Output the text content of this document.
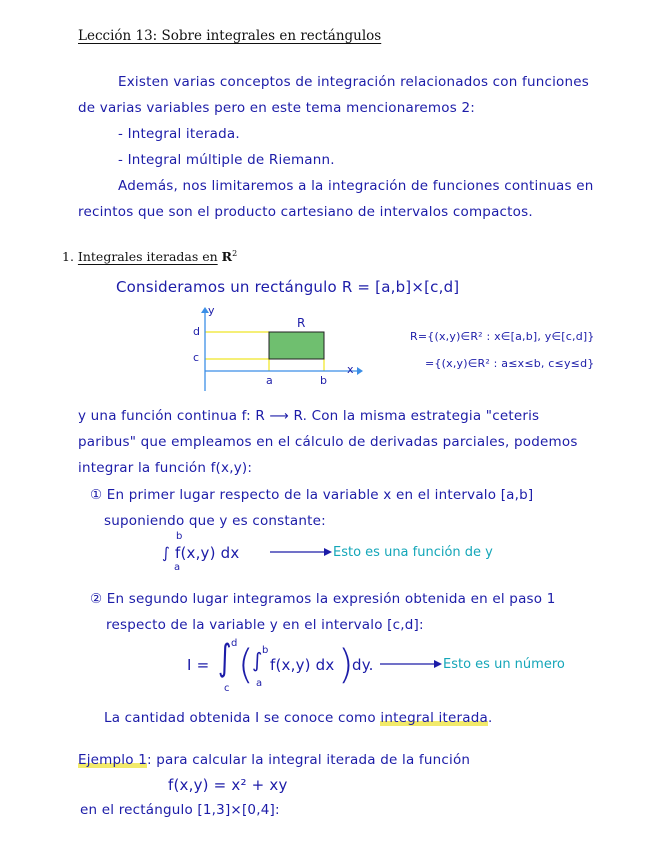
Lección 13: Sobre integrales en rectángulos
Existen varias conceptos de integración relacionados con funciones
de varias variables pero en este tema mencionaremos 2:
- Integral iterada.
- Integral múltiple de Riemann.
Además, nos limitaremos a la integración de funciones continuas en
recintos que son el producto cartesiano de intervalos compactos.
1. Integrales iteradas en $R^2$
Consideramos un rectángulo R = [a,b]×[c,d]
y
x
d
c
a	b
R
R={(x,y)∈R² : x∈[a,b], y∈[c,d]}
={(x,y)∈R² : a≤x≤b, c≤y≤d}
y una función continua f: R ⟶ R. Con la misma estrategia "ceteris
paribus" que empleamos en el cálculo de derivadas parciales, podemos
integrar la función f(x,y):
① En primer lugar respecto de la variable x en el intervalo [a,b]
suponiendo que y es constante:
b
a
∫ f(x,y) dx	Esto es una función de y
② En segundo lugar integramos la expresión obtenida en el paso 1
respecto de la variable y en el intervalo [c,d]:
I = ∫ d
c
(
∫ b
a
f(x,y) dx )
dy.	Esto es un número
La cantidad obtenida I se conoce como integral iterada.
Ejemplo 1: para calcular la integral iterada de la función
f(x,y) = x² + xy
en el rectángulo [1,3]×[0,4]:
